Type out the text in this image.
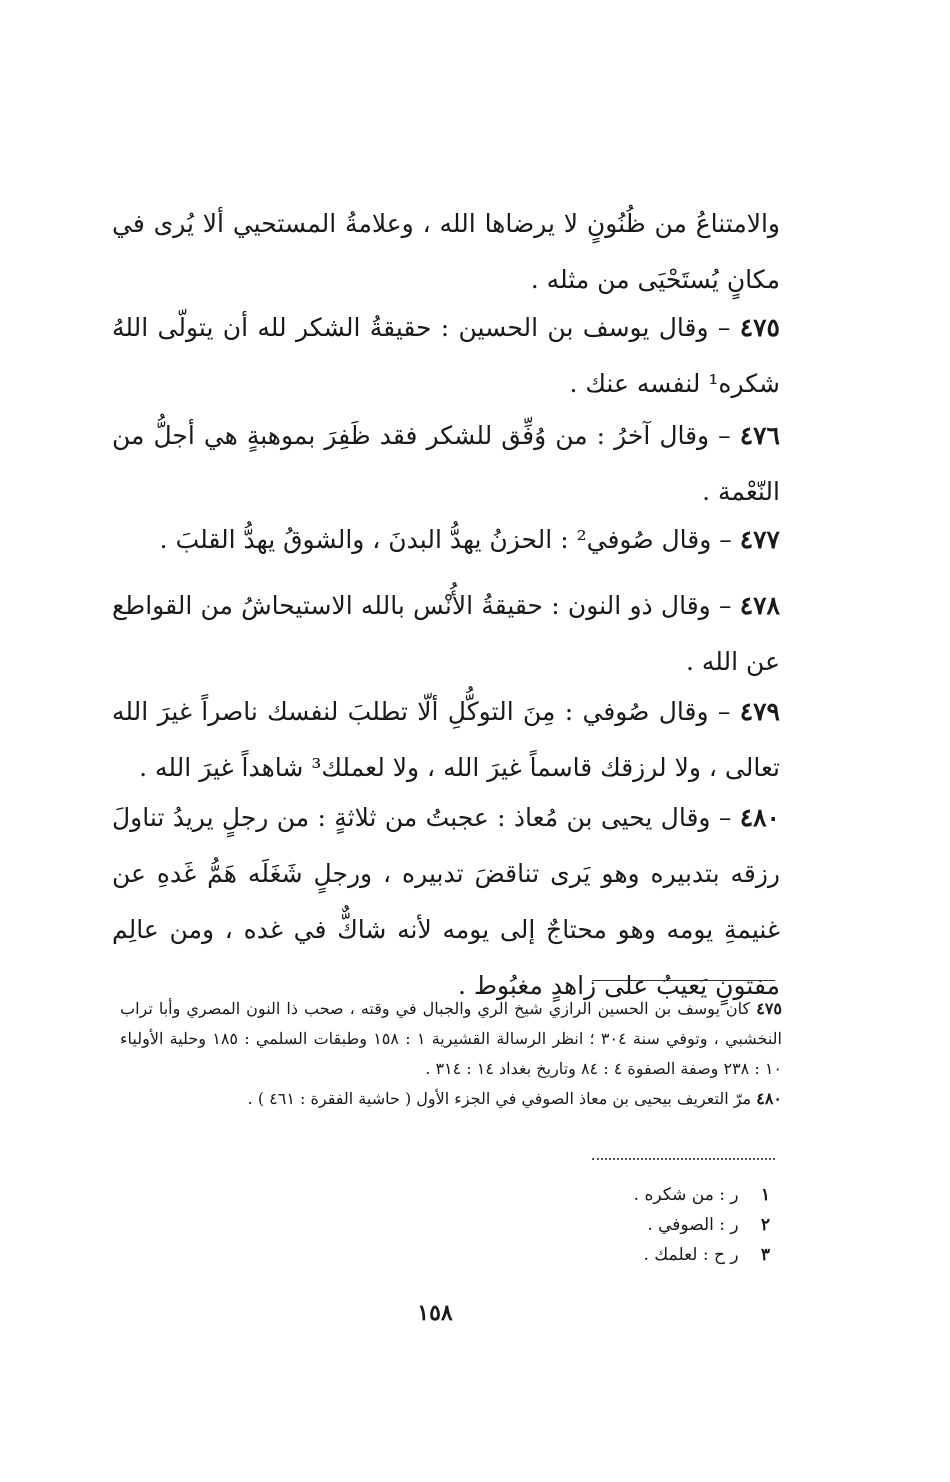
والامتناعُ من ظُنُونٍ لا يرضاها الله ، وعلامةُ المستحيي ألا يُرى في مكانٍ يُستَحْيَى من مثله .

٤٧٥ – وقال يوسف بن الحسين : حقيقةُ الشكر لله أن يتولّى اللهُ شكره¹ لنفسه عنك .

٤٧٦ – وقال آخرُ : من وُفِّق للشكر فقد ظَفِرَ بموهبةٍ هي أجلُّ من النّعْمة .

٤٧٧ – وقال صُوفي² : الحزنُ يهدُّ البدنَ ، والشوقُ يهدُّ القلبَ .

٤٧٨ – وقال ذو النون : حقيقةُ الأُنْس بالله الاستيحاشُ من القواطع عن الله .

٤٧٩ – وقال صُوفي : مِنَ التوكُّلِ ألّا تطلبَ لنفسك ناصراً غيرَ الله تعالى ، ولا لرزقك قاسماً غيرَ الله ، ولا لعملك³ شاهداً غيرَ الله .

٤٨٠ – وقال يحيى بن مُعاذ : عجبتُ من ثلاثةٍ : من رجلٍ يريدُ تناولَ رزقه بتدبيره وهو يَرى تناقضَ تدبيره ، ورجلٍ شَغَلَه هَمُّ غَدهِ عن غنيمةِ يومه وهو محتاجٌ إلى يومه لأنه شاكٌّ في غده ، ومن عالِم مفتونٍ يَعيبُ على زاهدٍ مغبُوط .

٤٧٥ كان يوسف بن الحسين الرازي شيخ الري والجبال في وقته ، صحب ذا النون المصري وأبا تراب النخشبي ، وتوفي سنة ٣٠٤ ؛ انظر الرسالة القشيرية ١ : ١٥٨ وطبقات السلمي : ١٨٥ وحلية الأولياء ١٠ : ٢٣٨ وصفة الصفوة ٤ : ٨٤ وتاريخ بغداد ١٤ : ٣١٤ .
٤٨٠ مرّ التعريف بيحيى بن معاذ الصوفي في الجزء الأول ( حاشية الفقرة : ٤٦١ ) .
١ ر : من شكره .
٢ ر : الصوفي .
٣ ر ح : لعلمك .
١٥٨
